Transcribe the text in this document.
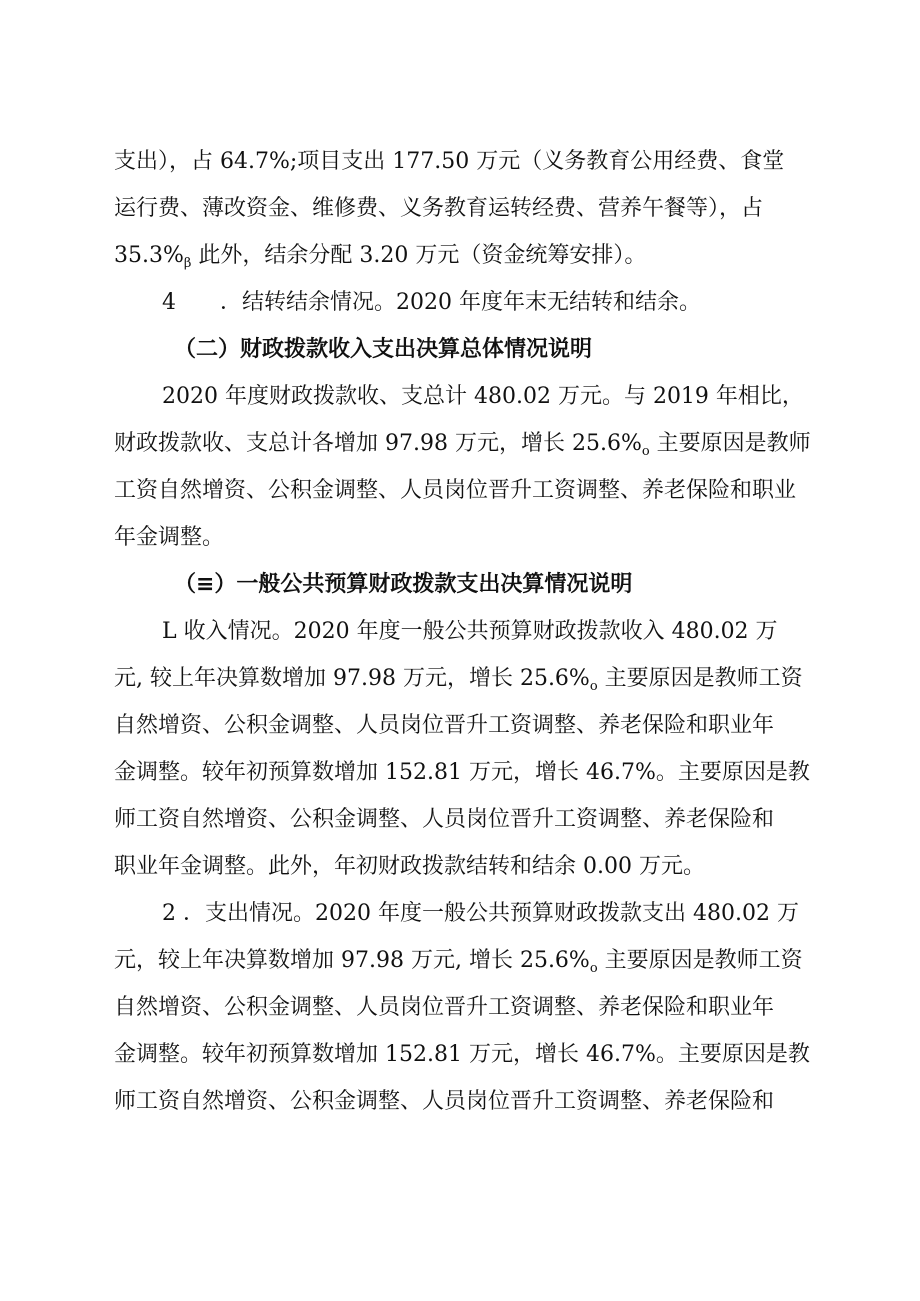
支出），占 64.7%;项目支出 177.50 万元（义务教育公用经费、食堂
运行费、薄改资金、维修费、义务教育运转经费、营养午餐等），占
$35.3\%_\beta$ 此外，结余分配 3.20 万元（资金统筹安排）。
4 ．结转结余情况。2020 年度年末无结转和结余。
（二）财政拨款收入支出决算总体情况说明
2020 年度财政拨款收、支总计 480.02 万元。与 2019 年相比，
财政拨款收、支总计各增加 97.98 万元，增长 $25.6\%_o$ 主要原因是教师
工资自然增资、公积金调整、人员岗位晋升工资调整、养老保险和职业
年金调整。
（≡）一般公共预算财政拨款支出决算情况说明
L 收入情况。2020 年度一般公共预算财政拨款收入 480.02 万
元, 较上年决算数增加 97.98 万元，增长 $25.6\%_o$ 主要原因是教师工资
自然增资、公积金调整、人员岗位晋升工资调整、养老保险和职业年
金调整。较年初预算数增加 152.81 万元，增长 46.7%。主要原因是教
师工资自然增资、公积金调整、人员岗位晋升工资调整、养老保险和
职业年金调整。此外，年初财政拨款结转和结余 0.00 万元。
2 ．支出情况。2020 年度一般公共预算财政拨款支出 480.02 万
元，较上年决算数增加 97.98 万元, 增长 $25.6\%_o$ 主要原因是教师工资
自然增资、公积金调整、人员岗位晋升工资调整、养老保险和职业年
金调整。较年初预算数增加 152.81 万元，增长 46.7%。主要原因是教
师工资自然增资、公积金调整、人员岗位晋升工资调整、养老保险和
